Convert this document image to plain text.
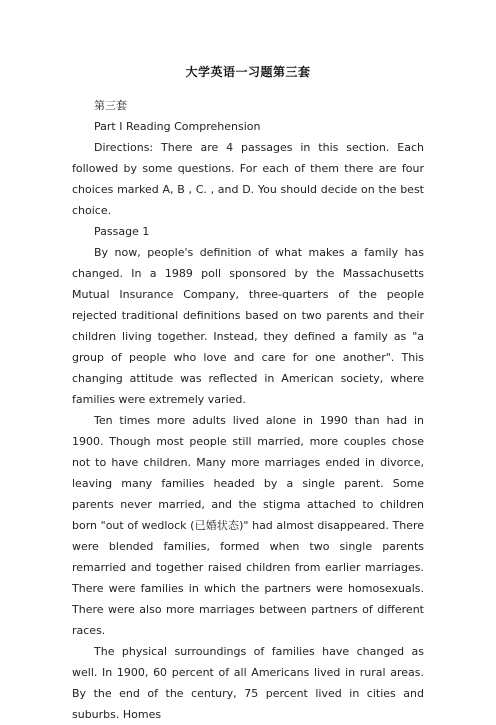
大学英语一习题第三套

第三套

Part I Reading Comprehension

Directions: There are 4 passages in this section. Each followed by some questions. For each of them there are four choices marked A, B , C. , and D. You should decide on the best choice.

Passage 1

By now, people's definition of what makes a family has changed. In a 1989 poll sponsored by the Massachusetts Mutual Insurance Company, three-quarters of the people rejected traditional definitions based on two parents and their children living together. Instead, they defined a family as "a group of people who love and care for one another". This changing attitude was reflected in American society, where families were extremely varied.

Ten times more adults lived alone in 1990 than had in 1900. Though most people still married, more couples chose not to have children. Many more marriages ended in divorce, leaving many families headed by a single parent. Some parents never married, and the stigma attached to children born "out of wedlock (已婚状态)" had almost disappeared. There were blended families, formed when two single parents remarried and together raised children from earlier marriages. There were families in which the partners were homosexuals. There were also more marriages between partners of different races.

The physical surroundings of families have changed as well. In 1900, 60 percent of all Americans lived in rural areas. By the end of the century, 75 percent lived in cities and suburbs. Homes
